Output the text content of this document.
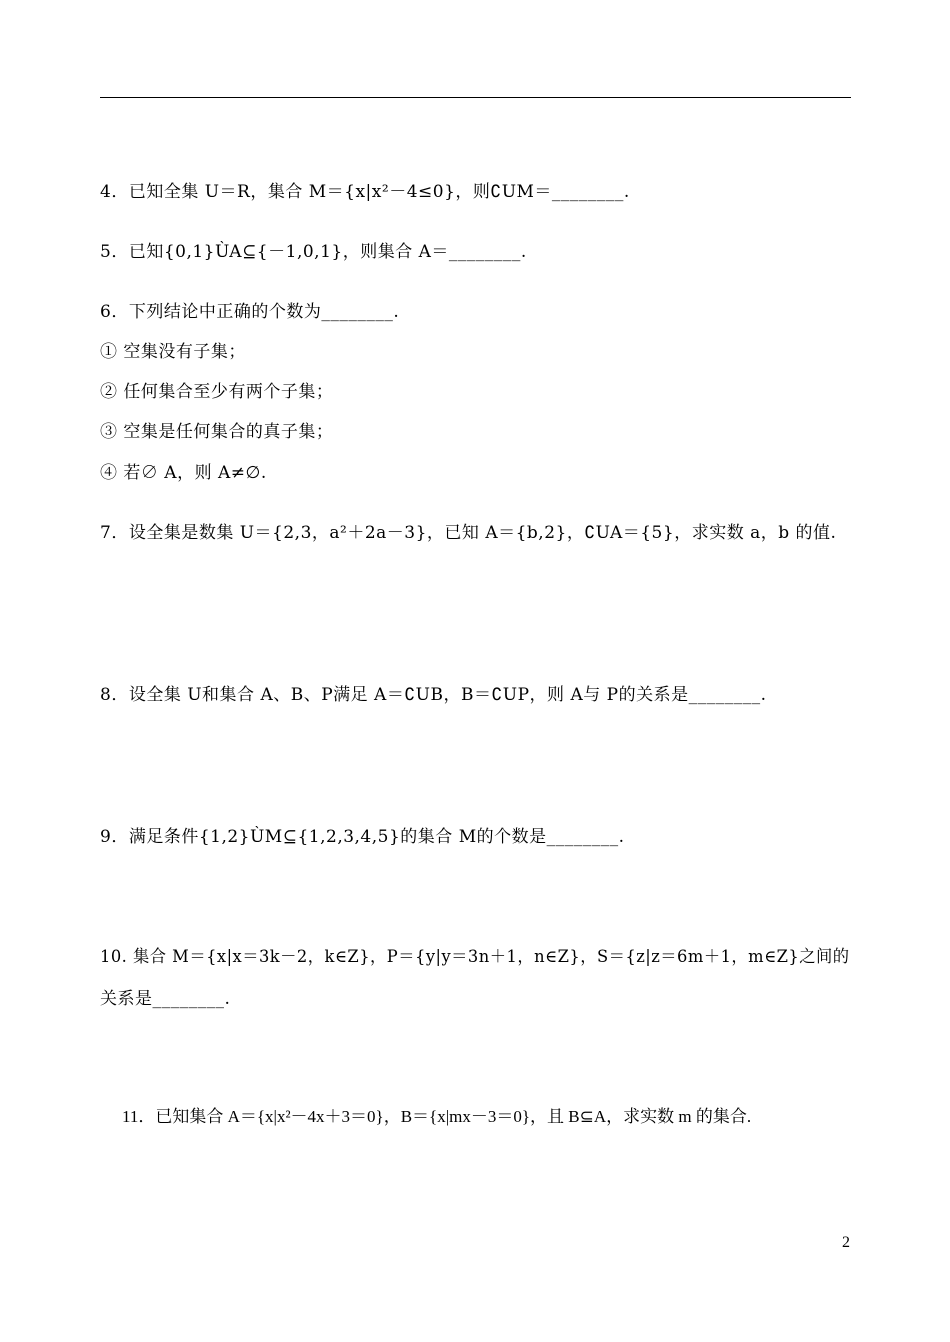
4．已知全集 U＝R，集合 M＝{x|x²－4≤0}，则∁UM＝________.
5．已知{0,1}ÙA⊆{－1,0,1}，则集合 A＝________.
6．下列结论中正确的个数为________.
① 空集没有子集；
② 任何集合至少有两个子集；
③ 空集是任何集合的真子集；
④ 若∅ A，则 A≠∅.
7．设全集是数集 U＝{2,3，a²＋2a－3}，已知 A＝{b,2}，∁UA＝{5}，求实数 a，b 的值.
8．设全集 U和集合 A、B、P满足 A＝∁UB，B＝∁UP，则 A与 P的关系是________.
9．满足条件{1,2}ÙM⊆{1,2,3,4,5}的集合 M的个数是________.
10. 集合 M＝{x|x＝3k－2，k∈Z}，P＝{y|y＝3n＋1，n∈Z}，S＝{z|z＝6m＋1，m∈Z}之间的
关系是________.
11．已知集合 A＝{x|x²－4x＋3＝0}，B＝{x|mx－3＝0}，且 B⊆A，求实数 m 的集合.
2
